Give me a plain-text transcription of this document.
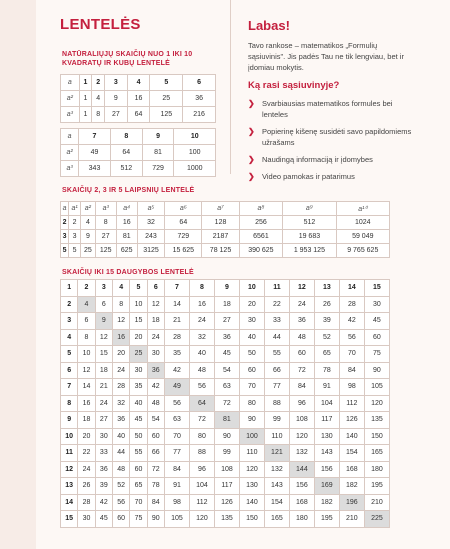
LENTELĖS
NATŪRALIŲJŲ SKAIČIŲ NUO 1 IKI 10
KVADRATŲ IR KUBŲ LENTELĖ
a	1	2	3	4	5	6
a²	1	4	9	16	25	36
a³	1	8	27	64	125	216
a	7	8	9	10
a²	49	64	81	100
a³	343	512	729	1000
Labas!
Tavo rankose – matematikos „Formulių sąsiuvinis". Jis padės Tau ne tik lengviau, bet ir įdomiau mokytis.
Ką rasi sąsiuvinyje?
❯ Svarbiausias matematikos formules bei lenteles
❯ Popierinę kišenę susidėti savo papildomiems užrašams
❯ Naudingą informaciją ir įdomybes
❯ Video pamokas ir patarimus
SKAIČIŲ 2, 3 IR 5 LAIPSNIŲ LENTELĖ
a	a¹	a²	a³	a⁴	a⁵	a⁶	a⁷	a⁸	a⁹	a¹⁰
2	2	4	8	16	32	64	128	256	512	1024
3	3	9	27	81	243	729	2187	6561	19 683	59 049
5	5	25	125	625	3125	15 625	78 125	390 625	1 953 125	9 765 625
SKAIČIŲ IKI 15 DAUGYBOS LENTELĖ
1	2	3	4	5	6	7	8	9	10	11	12	13	14	15
2	4	6	8	10	12	14	16	18	20	22	24	26	28	30
3	6	9	12	15	18	21	24	27	30	33	36	39	42	45
4	8	12	16	20	24	28	32	36	40	44	48	52	56	60
5	10	15	20	25	30	35	40	45	50	55	60	65	70	75
6	12	18	24	30	36	42	48	54	60	66	72	78	84	90
7	14	21	28	35	42	49	56	63	70	77	84	91	98	105
8	16	24	32	40	48	56	64	72	80	88	96	104	112	120
9	18	27	36	45	54	63	72	81	90	99	108	117	126	135
10	20	30	40	50	60	70	80	90	100	110	120	130	140	150
11	22	33	44	55	66	77	88	99	110	121	132	143	154	165
12	24	36	48	60	72	84	96	108	120	132	144	156	168	180
13	26	39	52	65	78	91	104	117	130	143	156	169	182	195
14	28	42	56	70	84	98	112	126	140	154	168	182	196	210
15	30	45	60	75	90	105	120	135	150	165	180	195	210	225
